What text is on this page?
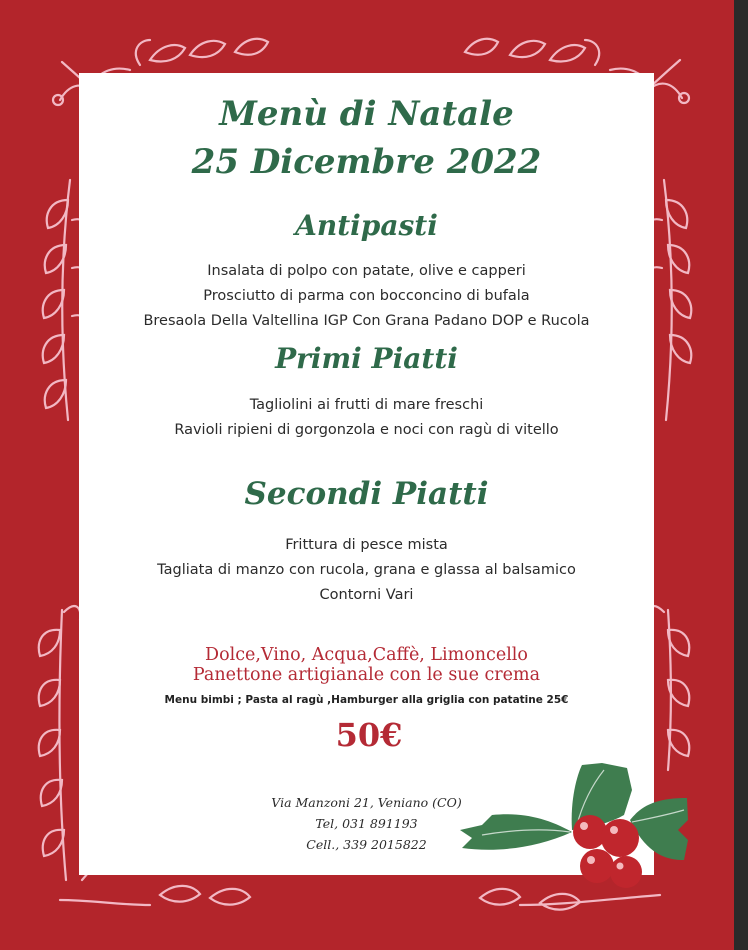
Menù di Natale

25 Dicembre 2022

Antipasti

Insalata di polpo con patate, olive e capperi

Prosciutto di parma con bocconcino di bufala

Bresaola Della Valtellina IGP Con Grana Padano DOP e Rucola

Primi Piatti

Tagliolini ai frutti di mare freschi

Ravioli ripieni di gorgonzola e noci con ragù di vitello

Secondi Piatti

Frittura di pesce mista

Tagliata di manzo con rucola, grana e glassa al balsamico

Contorni Vari

Dolce,Vino, Acqua,Caffè, Limoncello

Panettone artigianale con le sue crema

Menu bimbi ; Pasta al ragù ,Hamburger alla griglia con patatine 25€

50€

Via Manzoni 21, Veniano (CO)

Tel, 031 891193

Cell., 339 2015822
